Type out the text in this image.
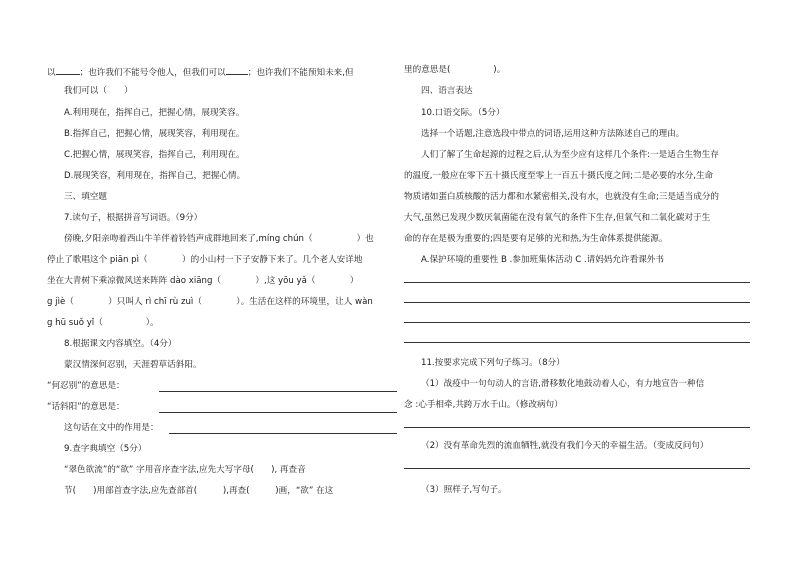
以	；也许我们不能号令他人，但我们可以	；也许我们不能预知未来,但
我们可以（　　）
A.利用现在，指挥自己，把握心情，展现笑容。
B.指挥自己，把握心情，展现笑容，利用现在。
C.把握心情，展现笑容，指挥自己，利用现在。
D.展现笑容，利用现在，指挥自己，把握心情。
三、填空题
7.读句子，根据拼音写词语。（9分）
傍晚,夕阳亲吻着西山牛羊伴着铃铛声成群地回来了,míng chún（	）也
停止了歌唱这个 piān pì（　　　　）的小山村一下子安静下来了。几个老人安详地
坐在大青树下乘凉微风送来阵阵 dào xiāng（　　　　）,这 yōu yǎ（　　　　）
g jìè（　　　　）只叫人 rì chī rù zuì（　　　　）。生活在这样的环境里，让人 wàn
g hū suǒ yǐ（　　　　　）。
8.根据课文内容填空。（4分）
蒙汉情深何忍别，天涯碧草话斜阳。
“何忍别”的意思是：
“话斜阳”的意思是：
这句话在文中的作用是：
9.查字典填空（5分）
“翠色欲流”的“欲” 字用音序查字法,应先大写字母(　　), 再查音
节(　　)用部首查字法,应先查部首(　　　),再查(　　　)画，“欲” 在这
里的意思是(　　　　　)。
四、语言表达
10.口语交际。（5分）
选择一个话题,注意选段中带点的词语,运用这种方法陈述自己的理由。
人们了解了生命起源的过程之后,认为至少应有这样几个条件:一是适合生物生存
的温度,一般应在零下五十摄氏度至零上一百五十摄氏度之间;二是必要的水分,生命
物质诸如蛋白质核酸的活力都和水紧密相关,没有水，也就没有生命;三是适当成分的
大气,虽然已发现少数厌氧菌能在没有氧气的条件下生存,但氧气和二氧化碳对于生
命的存在是极为重要的;四是要有足够的光和热,为生命体系提供能源。
A.保护环境的重要性 B .参加班集体活动 C .请妈妈允许看课外书
11.按要求完成下列句子练习。（8分）
（1）战疫中一句句动人的言语,滑移数化地鼓动着人心，有力地宣告一种信
念 :心手相牵,共跨万水千山。（修改病句）
（2）没有革命先烈的流血牺牲,就没有我们今天的幸福生活。（变成反问句）
（3）照样子,写句子。
